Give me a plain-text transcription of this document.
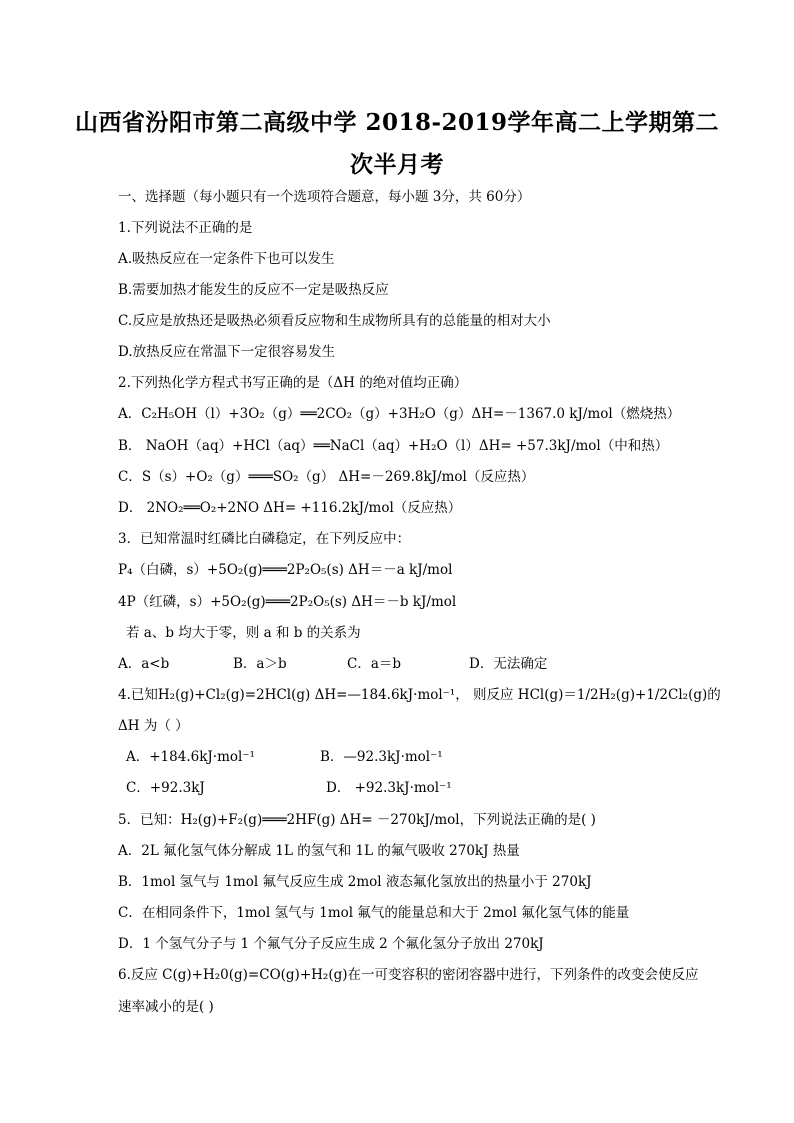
山西省汾阳市第二高级中学 2018-2019学年高二上学期第二
次半月考
一、选择题（每小题只有一个选项符合题意，每小题 3分，共 60分）
1.下列说法不正确的是
A.吸热反应在一定条件下也可以发生
B.需要加热才能发生的反应不一定是吸热反应
C.反应是放热还是吸热必须看反应物和生成物所具有的总能量的相对大小
D.放热反应在常温下一定很容易发生
2.下列热化学方程式书写正确的是（ΔH 的绝对值均正确）
A．C₂H₅OH（l）+3O₂（g）══2CO₂（g）+3H₂O（g）ΔH=－1367.0 kJ/mol（燃烧热）
B． NaOH（aq）+HCl（aq）══NaCl（aq）+H₂O（l）ΔH= +57.3kJ/mol（中和热）
C．S（s）+O₂（g）═══SO₂（g） ΔH=－269.8kJ/mol（反应热）
D． 2NO₂══O₂+2NO ΔH= +116.2kJ/mol（反应热）
3．已知常温时红磷比白磷稳定，在下列反应中：
P₄（白磷，s）+5O₂(g)═══2P₂O₅(s) ΔH＝－a kJ/mol
4P（红磷，s）+5O₂(g)═══2P₂O₅(s) ΔH＝－b kJ/mol
若 a、b 均大于零，则 a 和 b 的关系为
A．a<b	B．a＞b	C．a＝b	D．无法确定
4.已知H₂(g)+Cl₂(g)=2HCl(g) ΔH=—184.6kJ·mol⁻¹， 则反应 HCl(g)＝1/2H₂(g)+1/2Cl₂(g)的
ΔH 为（ ）
A．+184.6kJ·mol⁻¹	B．—92.3kJ·mol⁻¹
C．+92.3kJ	D． +92.3kJ·mol⁻¹
5．已知：H₂(g)+F₂(g)═══2HF(g) ΔH= －270kJ/mol，下列说法正确的是( )
A．2L 氟化氢气体分解成 1L 的氢气和 1L 的氟气吸收 270kJ 热量
B．1mol 氢气与 1mol 氟气反应生成 2mol 液态氟化氢放出的热量小于 270kJ
C．在相同条件下，1mol 氢气与 1mol 氟气的能量总和大于 2mol 氟化氢气体的能量
D．1 个氢气分子与 1 个氟气分子反应生成 2 个氟化氢分子放出 270kJ
6.反应 C(g)+H₂0(g)=CO(g)+H₂(g)在一可变容积的密闭容器中进行，下列条件的改变会使反应
速率减小的是( )
